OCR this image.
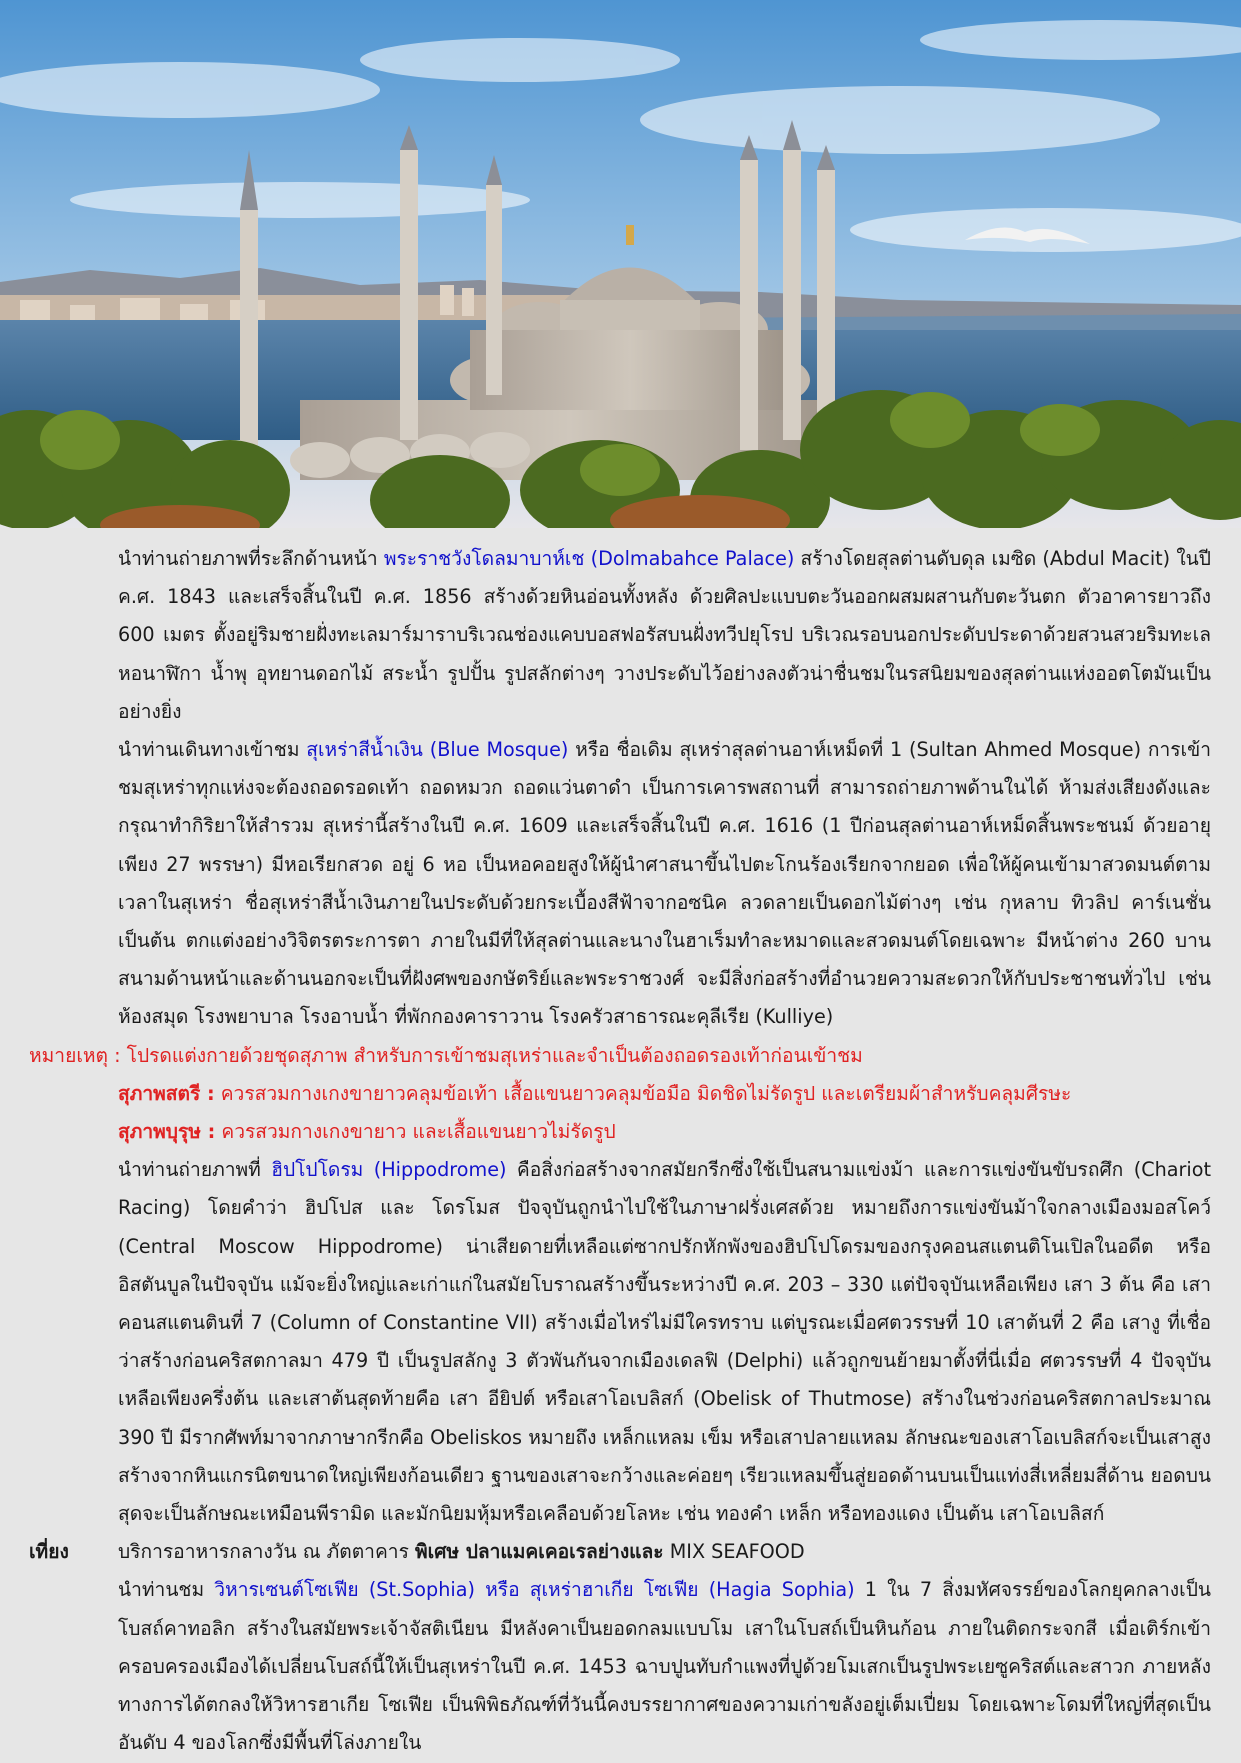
นำท่านถ่ายภาพที่ระลึกด้านหน้า พระราชวังโดลมาบาห์เช (Dolmabahce Palace) สร้างโดยสุลต่านดับดุล เมซิด (Abdul Macit) ในปี ค.ศ. 1843 และเสร็จสิ้นในปี ค.ศ. 1856 สร้างด้วยหินอ่อนทั้งหลัง ด้วยศิลปะแบบตะวันออกผสมผสานกับตะวันตก ตัวอาคารยาวถึง 600 เมตร ตั้งอยู่ริมชายฝั่งทะเลมาร์มาราบริเวณช่องแคบบอสฟอรัสบนฝั่งทวีปยุโรป บริเวณรอบนอกประดับประดาด้วยสวนสวยริมทะเล หอนาฬิกา น้ำพุ อุทยานดอกไม้ สระน้ำ รูปปั้น รูปสลักต่างๆ วางประดับไว้อย่างลงตัวน่าชื่นชมในรสนิยมของสุลต่านแห่งออตโตมันเป็นอย่างยิ่ง

นำท่านเดินทางเข้าชม สุเหร่าสีน้ำเงิน (Blue Mosque) หรือ ชื่อเดิม สุเหร่าสุลต่านอาห์เหม็ดที่ 1 (Sultan Ahmed Mosque) การเข้าชมสุเหร่าทุกแห่งจะต้องถอดรอดเท้า ถอดหมวก ถอดแว่นตาดำ เป็นการเคารพสถานที่ สามารถถ่ายภาพด้านในได้ ห้ามส่งเสียงดังและกรุณาทำกิริยาให้สำรวม สุเหร่านี้สร้างในปี ค.ศ. 1609 และเสร็จสิ้นในปี ค.ศ. 1616 (1 ปีก่อนสุลต่านอาห์เหม็ดสิ้นพระชนม์ ด้วยอายุเพียง 27 พรรษา) มีหอเรียกสวด อยู่ 6 หอ เป็นหอคอยสูงให้ผู้นำศาสนาขึ้นไปตะโกนร้องเรียกจากยอด เพื่อให้ผู้คนเข้ามาสวดมนต์ตามเวลาในสุเหร่า ชื่อสุเหร่าสีน้ำเงินภายในประดับด้วยกระเบื้องสีฟ้าจากอซนิค ลวดลายเป็นดอกไม้ต่างๆ เช่น กุหลาบ ทิวลิป คาร์เนชั่น เป็นต้น ตกแต่งอย่างวิจิตรตระการตา ภายในมีที่ให้สุลต่านและนางในฮาเร็มทำละหมาดและสวดมนต์โดยเฉพาะ มีหน้าต่าง 260 บาน สนามด้านหน้าและด้านนอกจะเป็นที่ฝังศพของกษัตริย์และพระราชวงศ์ จะมีสิ่งก่อสร้างที่อำนวยความสะดวกให้กับประชาชนทั่วไป เช่น ห้องสมุด โรงพยาบาล โรงอาบน้ำ ที่พักกองคาราวาน โรงครัวสาธารณะคุลีเรีย (Kulliye)

หมายเหตุ : โปรดแต่งกายด้วยชุดสุภาพ สำหรับการเข้าชมสุเหร่าและจำเป็นต้องถอดรองเท้าก่อนเข้าชม

สุภาพสตรี : ควรสวมกางเกงขายาวคลุมข้อเท้า เสื้อแขนยาวคลุมข้อมือ มิดชิดไม่รัดรูป และเตรียมผ้าสำหรับคลุมศีรษะ

สุภาพบุรุษ : ควรสวมกางเกงขายาว และเสื้อแขนยาวไม่รัดรูป

นำท่านถ่ายภาพที่ ฮิปโปโดรม (Hippodrome) คือสิ่งก่อสร้างจากสมัยกรีกซึ่งใช้เป็นสนามแข่งม้า และการแข่งขันขับรถศึก (Chariot Racing) โดยคำว่า ฮิปโปส และ โดรโมส ปัจจุบันถูกนำไปใช้ในภาษาฝรั่งเศสด้วย หมายถึงการแข่งขันม้าใจกลางเมืองมอสโคว์ (Central Moscow Hippodrome) น่าเสียดายที่เหลือแต่ซากปรักหักพังของฮิปโปโดรมของกรุงคอนสแตนติโนเปิลในอดีต หรือ อิสตันบูลในปัจจุบัน แม้จะยิ่งใหญ่และเก่าแก่ในสมัยโบราณสร้างขึ้นระหว่างปี ค.ศ. 203 – 330 แต่ปัจจุบันเหลือเพียง เสา 3 ต้น คือ เสาคอนสแตนตินที่ 7 (Column of Constantine VII) สร้างเมื่อไหร่ไม่มีใครทราบ แต่บูรณะเมื่อศตวรรษที่ 10 เสาต้นที่ 2 คือ เสางู ที่เชื่อว่าสร้างก่อนคริสตกาลมา 479 ปี เป็นรูปสลักงู 3 ตัวพันกันจากเมืองเดลฟิ (Delphi) แล้วถูกขนย้ายมาตั้งที่นี่เมื่อ ศตวรรษที่ 4 ปัจจุบันเหลือเพียงครึ่งต้น และเสาต้นสุดท้ายคือ เสา อียิปต์ หรือเสาโอเบลิสก์ (Obelisk of Thutmose) สร้างในช่วงก่อนคริสตกาลประมาณ 390 ปี มีรากศัพท์มาจากภาษากรีกคือ Obeliskos หมายถึง เหล็กแหลม เข็ม หรือเสาปลายแหลม ลักษณะของเสาโอเบลิสก์จะเป็นเสาสูง สร้างจากหินแกรนิตขนาดใหญ่เพียงก้อนเดียว ฐานของเสาจะกว้างและค่อยๆ เรียวแหลมขึ้นสู่ยอดด้านบนเป็นแท่งสี่เหลี่ยมสี่ด้าน ยอดบนสุดจะเป็นลักษณะเหมือนพีรามิด และมักนิยมหุ้มหรือเคลือบด้วยโลหะ เช่น ทองคำ เหล็ก หรือทองแดง เป็นต้น เสาโอเบลิสก์

เที่ยง	บริการอาหารกลางวัน ณ ภัตตาคาร พิเศษ ปลาแมคเคอเรลย่างและ MIX SEAFOOD

นำท่านชม วิหารเซนต์โซเฟีย (St.Sophia) หรือ สุเหร่าฮาเกีย โซเฟีย (Hagia Sophia) 1 ใน 7 สิ่งมหัศจรรย์ของโลกยุคกลางเป็นโบสถ์คาทอลิก สร้างในสมัยพระเจ้าจัสติเนียน มีหลังคาเป็นยอดกลมแบบโม เสาในโบสถ์เป็นหินก้อน ภายในติดกระจกสี เมื่อเติร์กเข้าครอบครองเมืองได้เปลี่ยนโบสถ์นี้ให้เป็นสุเหร่าในปี ค.ศ. 1453 ฉาบปูนทับกำแพงที่ปูด้วยโมเสกเป็นรูปพระเยซูคริสต์และสาวก ภายหลังทางการได้ตกลงให้วิหารฮาเกีย โซเฟีย เป็นพิพิธภัณฑ์ที่วันนี้คงบรรยากาศของความเก่าขลังอยู่เต็มเปี่ยม โดยเฉพาะโดมที่ใหญ่ที่สุดเป็นอันดับ 4 ของโลกซึ่งมีพื้นที่โล่งภายใน
